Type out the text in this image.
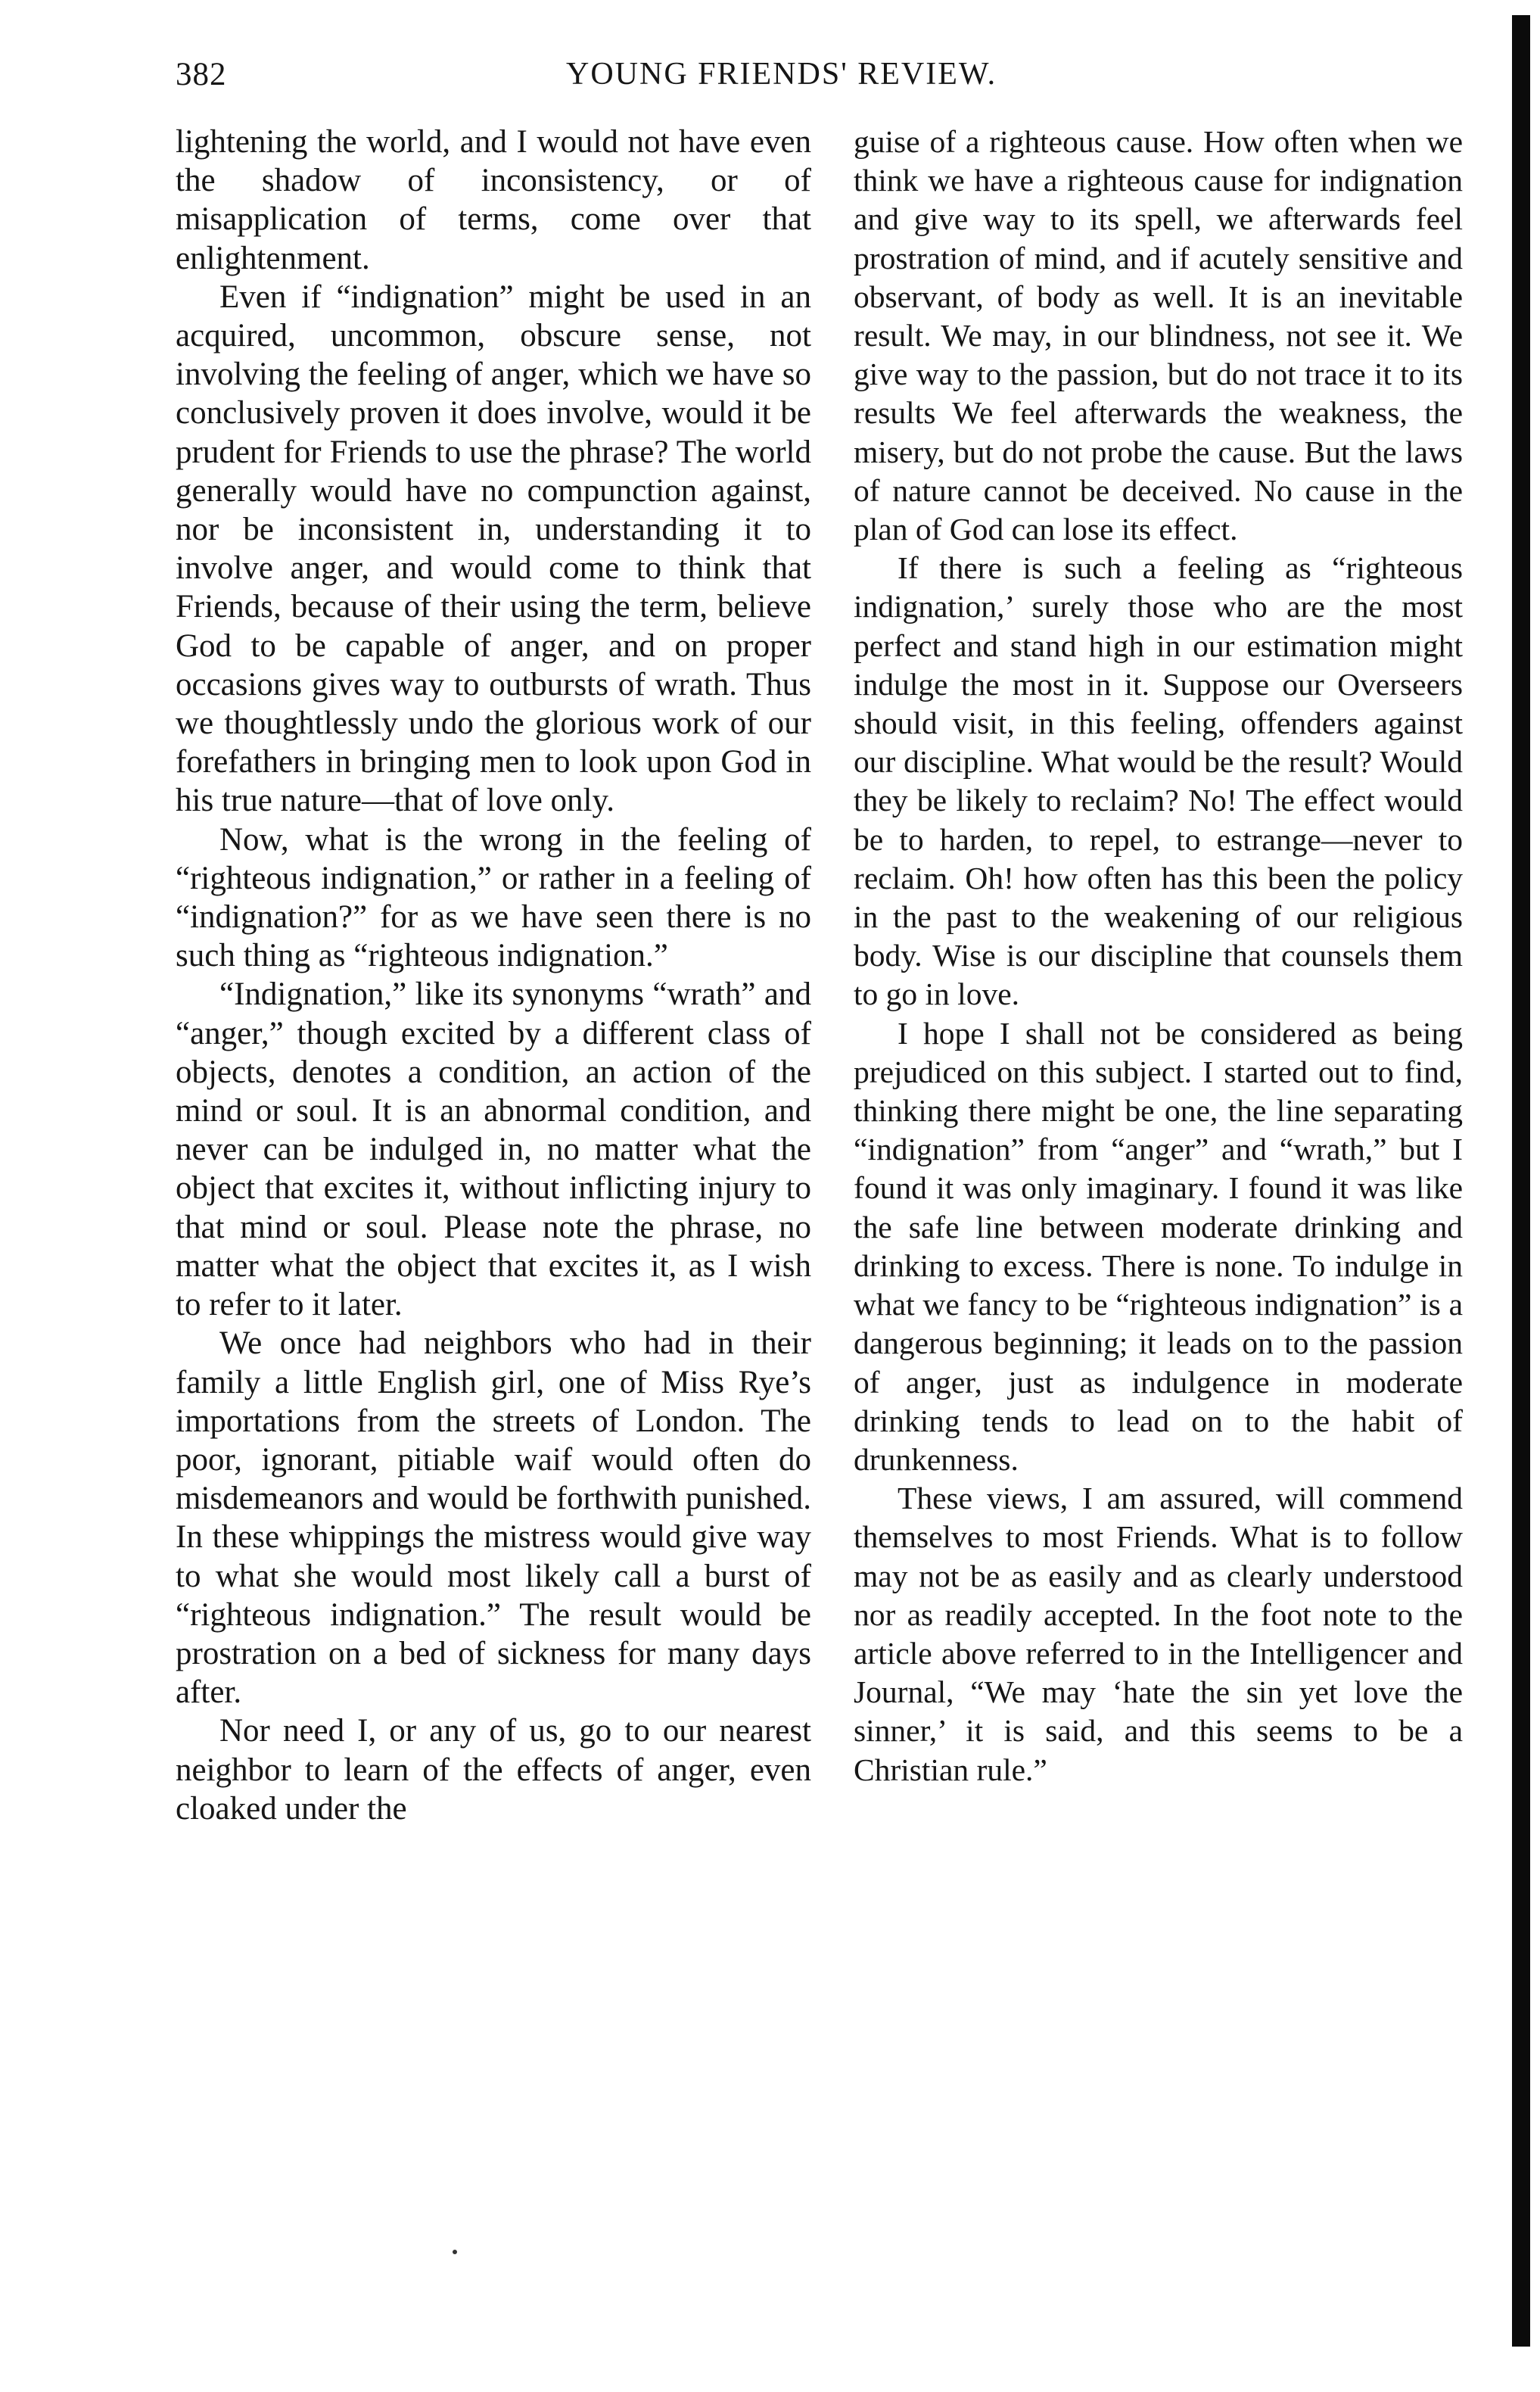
382	YOUNG FRIENDS' REVIEW.

lightening the world, and I would not have even the shadow of inconsistency, or of misapplication of terms, come over that enlightenment.

Even if “indignation” might be used in an acquired, uncommon, obscure sense, not involving the feeling of anger, which we have so conclusively proven it does involve, would it be prudent for Friends to use the phrase? The world generally would have no compunction against, nor be inconsistent in, understanding it to involve anger, and would come to think that Friends, because of their using the term, believe God to be capable of anger, and on proper occasions gives way to outbursts of wrath. Thus we thoughtlessly undo the glorious work of our forefathers in bringing men to look upon God in his true nature—that of love only.

Now, what is the wrong in the feeling of “righteous indignation,” or rather in a feeling of “indignation?” for as we have seen there is no such thing as “righteous indignation.”

“Indignation,” like its synonyms “wrath” and “anger,” though excited by a different class of objects, denotes a condition, an action of the mind or soul. It is an abnormal condition, and never can be indulged in, no matter what the object that excites it, without inflicting injury to that mind or soul. Please note the phrase, no matter what the object that excites it, as I wish to refer to it later.

We once had neighbors who had in their family a little English girl, one of Miss Rye’s importations from the streets of London. The poor, ignorant, pitiable waif would often do misdemeanors and would be forthwith punished. In these whippings the mistress would give way to what she would most likely call a burst of “righteous indignation.” The result would be prostration on a bed of sickness for many days after.

Nor need I, or any of us, go to our nearest neighbor to learn of the effects of anger, even cloaked under the

guise of a righteous cause. How often when we think we have a righteous cause for indignation and give way to its spell, we afterwards feel prostration of mind, and if acutely sensitive and observant, of body as well. It is an inevitable result. We may, in our blindness, not see it. We give way to the passion, but do not trace it to its results We feel afterwards the weakness, the misery, but do not probe the cause. But the laws of nature cannot be deceived. No cause in the plan of God can lose its effect.

If there is such a feeling as “righteous indignation,’ surely those who are the most perfect and stand high in our estimation might indulge the most in it. Suppose our Overseers should visit, in this feeling, offenders against our discipline. What would be the result? Would they be likely to reclaim? No! The effect would be to harden, to repel, to estrange—never to reclaim. Oh! how often has this been the policy in the past to the weakening of our religious body. Wise is our discipline that counsels them to go in love.

I hope I shall not be considered as being prejudiced on this subject. I started out to find, thinking there might be one, the line separating “indignation” from “anger” and “wrath,” but I found it was only imaginary. I found it was like the safe line between moderate drinking and drinking to excess. There is none. To indulge in what we fancy to be “righteous indignation” is a dangerous beginning; it leads on to the passion of anger, just as indulgence in moderate drinking tends to lead on to the habit of drunkenness.

These views, I am assured, will commend themselves to most Friends. What is to follow may not be as easily and as clearly understood nor as readily accepted. In the foot note to the article above referred to in the Intelligencer and Journal, “We may ‘hate the sin yet love the sinner,’ it is said, and this seems to be a Christian rule.”
